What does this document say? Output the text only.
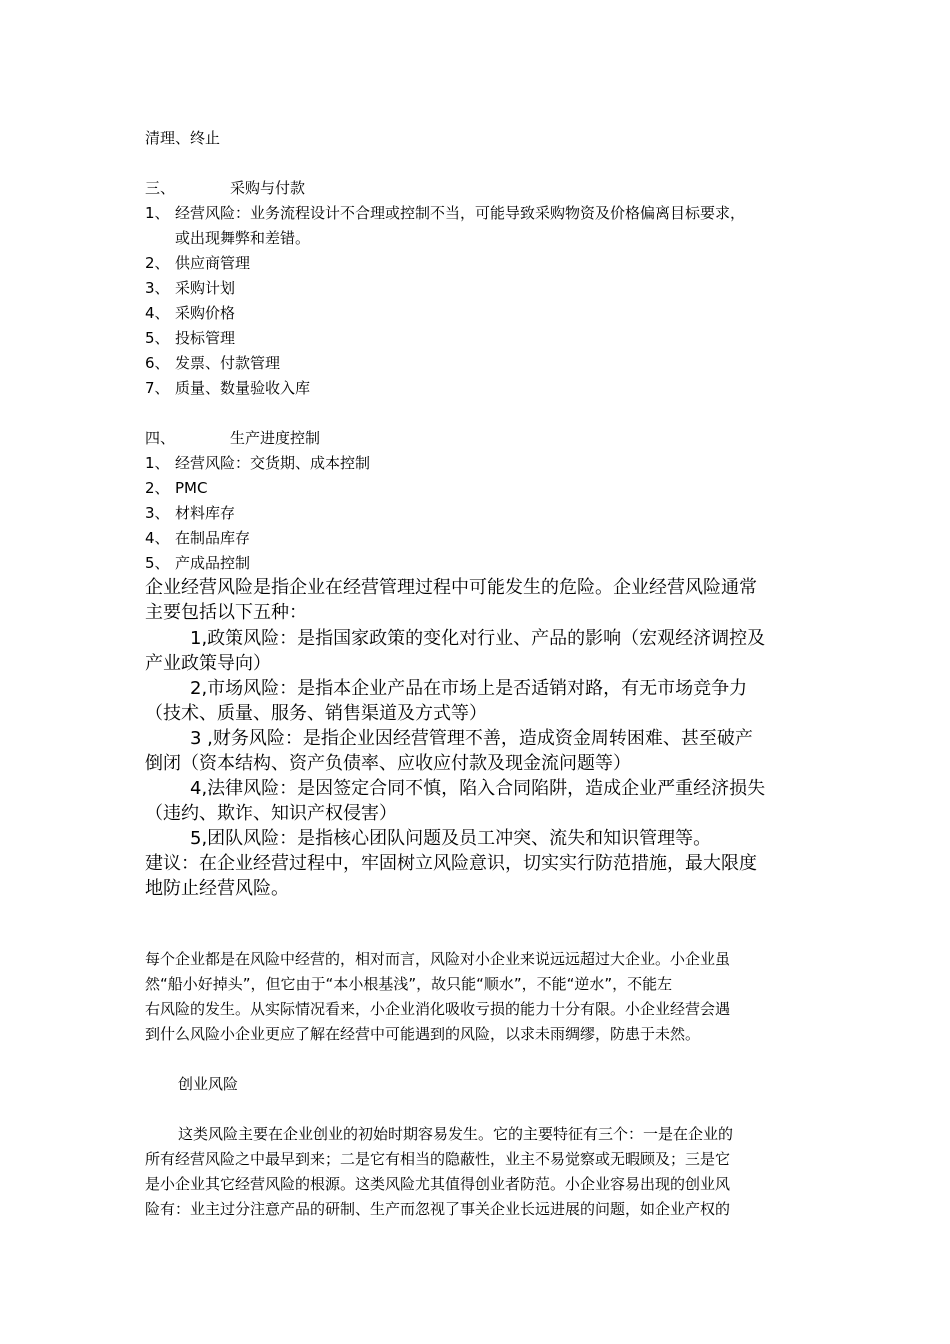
清理、终止
三、	采购与付款
1、 经营风险：业务流程设计不合理或控制不当，可能导致采购物资及价格偏离目标要求，
或出现舞弊和差错。
2、 供应商管理
3、 采购计划
4、 采购价格
5、 投标管理
6、 发票、付款管理
7、 质量、数量验收入库
四、	生产进度控制
1、 经营风险：交货期、成本控制
2、 PMC
3、 材料库存
4、 在制品库存
5、 产成品控制
企业经营风险是指企业在经营管理过程中可能发生的危险。企业经营风险通常
主要包括以下五种：
1,政策风险：是指国家政策的变化对行业、产品的影响（宏观经济调控及
产业政策导向）
2,市场风险：是指本企业产品在市场上是否适销对路，有无市场竞争力
（技术、质量、服务、销售渠道及方式等）
3 ,财务风险：是指企业因经营管理不善，造成资金周转困难、甚至破产
倒闭（资本结构、资产负债率、应收应付款及现金流问题等）
4,法律风险：是因签定合同不慎，陷入合同陷阱，造成企业严重经济损失
（违约、欺诈、知识产权侵害）
5,团队风险：是指核心团队问题及员工冲突、流失和知识管理等。
建议：在企业经营过程中，牢固树立风险意识，切实实行防范措施，最大限度
地防止经营风险。
每个企业都是在风险中经营的，相对而言，风险对小企业来说远远超过大企业。小企业虽
然“船小好掉头”，但它由于“本小根基浅”，故只能“顺水”，不能“逆水”，不能左
右风险的发生。从实际情况看来，小企业消化吸收亏损的能力十分有限。小企业经营会遇
到什么风险小企业更应了解在经营中可能遇到的风险，以求未雨绸缪，防患于未然。
创业风险
这类风险主要在企业创业的初始时期容易发生。它的主要特征有三个：一是在企业的
所有经营风险之中最早到来；二是它有相当的隐蔽性，业主不易觉察或无暇顾及；三是它
是小企业其它经营风险的根源。这类风险尤其值得创业者防范。小企业容易出现的创业风
险有：业主过分注意产品的研制、生产而忽视了事关企业长远进展的问题，如企业产权的
